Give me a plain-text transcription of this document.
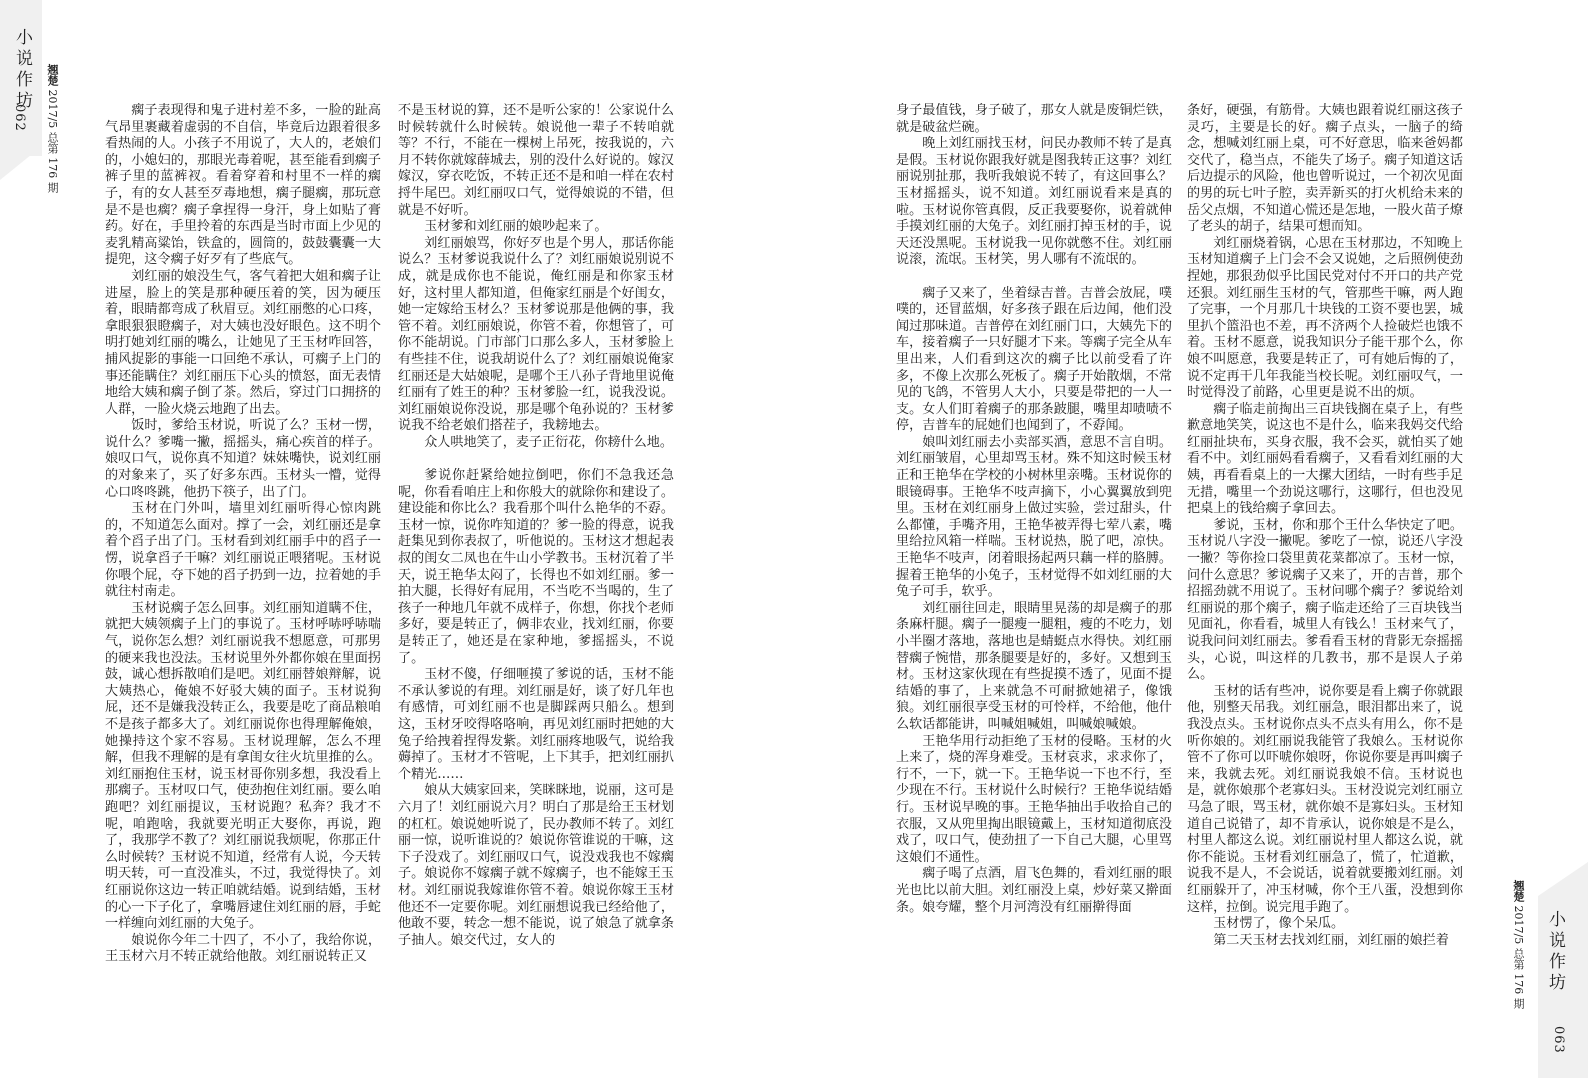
小说作坊
062
翘楚 2017/5 总第 176 期

瘸子表现得和鬼子进村差不多，一脸的趾高气昂里裹藏着虚弱的不自信，毕竟后边跟着很多看热闹的人。小孩子不用说了，大人的，老娘们的，小媳妇的，那眼光毒着呢，甚至能看到瘸子裤子里的蓝裤衩。看着穿着和村里不一样的瘸子，有的女人甚至歹毒地想，瘸子腿瘸，那玩意是不是也瘸？瘸子拿捏得一身汗，身上如贴了膏药。好在，手里拎着的东西是当时市面上少见的麦乳精高粱饴，铁盒的，圆筒的，鼓鼓囊囊一大提兜，这令瘸子好歹有了些底气。

刘红丽的娘没生气，客气着把大姐和瘸子让进屋，脸上的笑是那种硬压着的笑，因为硬压着，眼睛都弯成了秋眉豆。刘红丽憋的心口疼，拿眼狠狠瞪瘸子，对大姨也没好眼色。这不明个明打她刘红丽的嘴么，让她见了王玉材咋回答，捕风捉影的事能一口回绝不承认，可瘸子上门的事还能瞒住？刘红丽压下心头的愤怒，面无表情地给大姨和瘸子倒了茶。然后，穿过门口拥挤的人群，一脸火烧云地跑了出去。

饭时，爹给玉材说，听说了么？玉材一愣，说什么？爹嘴一撇，摇摇头，痛心疾首的样子。娘叹口气，说你真不知道？妹妹嘴快，说刘红丽的对象来了，买了好多东西。玉材头一懵，觉得心口咚咚跳，他扔下筷子，出了门。

玉材在门外叫，墙里刘红丽听得心惊肉跳的，不知道怎么面对。撑了一会，刘红丽还是拿着个舀子出了门。玉材看到刘红丽手中的舀子一愣，说拿舀子干嘛？刘红丽说正喂猪呢。玉材说你喂个屁，夺下她的舀子扔到一边，拉着她的手就往村南走。

玉材说瘸子怎么回事。刘红丽知道瞒不住，就把大姨领瘸子上门的事说了。玉材呼哧呼哧喘气，说你怎么想？刘红丽说我不想愿意，可那男的硬来我也没法。玉材说里外外都你娘在里面拐鼓，诚心想拆散咱们是吧。刘红丽替娘辩解，说大姨热心，俺娘不好驳大姨的面子。玉材说狗屁，还不是嫌我没转正么，我要是吃了商品粮咱不是孩子都多大了。刘红丽说你也得理解俺娘，她操持这个家不容易。玉材说理解，怎么不理解，但我不理解的是有拿闺女往火坑里推的么。刘红丽抱住玉材，说玉材哥你别多想，我没看上那瘸子。玉材叹口气，使劲抱住刘红丽。要么咱跑吧？刘红丽提议，玉材说跑？私奔？我才不呢，咱跑啥，我就要光明正大娶你，再说，跑了，我那学不教了？刘红丽说我烦呢，你那正什么时候转？玉材说不知道，经常有人说，今天转明天转，可一直没准头，不过，我觉得快了。刘红丽说你这边一转正咱就结婚。说到结婚，玉材的心一下子化了，拿嘴唇逮住刘红丽的唇，手蛇一样缠向刘红丽的大兔子。

娘说你今年二十四了，不小了，我给你说，王玉材六月不转正就给他散。刘红丽说转正又

不是玉材说的算，还不是听公家的！公家说什么时候转就什么时候转。娘说他一辈子不转咱就等？不行，不能在一棵树上吊死，按我说的，六月不转你就嫁薛城去，别的没什么好说的。嫁汉嫁汉，穿衣吃饭，不转正还不是和咱一样在农村捋牛尾巴。刘红丽叹口气，觉得娘说的不错，但就是不好听。

玉材爹和刘红丽的娘吵起来了。

刘红丽娘骂，你好歹也是个男人，那话你能说么？玉材爹说我说什么了？刘红丽娘说别说不成，就是成你也不能说，俺红丽是和你家玉材好，这村里人都知道，但俺家红丽是个好闺女，她一定嫁给玉材么？玉材爹说那是他俩的事，我管不着。刘红丽娘说，你管不着，你想管了，可你不能胡说。门市部门口那么多人，玉材爹脸上有些挂不住，说我胡说什么了？刘红丽娘说俺家红丽还是大姑娘呢，是哪个王八孙子背地里说俺红丽有了姓王的种？玉材爹脸一红，说我没说。刘红丽娘说你没说，那是哪个龟孙说的？玉材爹说我不给老娘们搭茬子，我耪地去。

众人哄地笑了，麦子正衍花，你耪什么地。

爹说你赶紧给她拉倒吧，你们不急我还急呢，你看看咱庄上和你般大的就除你和建设了。建设能和你比么？我看那个叫什么艳华的不孬。玉材一惊，说你咋知道的？爹一脸的得意，说我赶集见到你表叔了，听他说的。玉材这才想起表叔的闺女二凤也在牛山小学教书。玉材沉着了半天，说王艳华太闷了，长得也不如刘红丽。爹一拍大腿，长得好有屁用，不当吃不当喝的，生了孩子一种地几年就不成样子，你想，你找个老师多好，要是转正了，俩非农业，找刘红丽，你要是转正了，她还是在家种地，爹摇摇头，不说了。

玉材不傻，仔细咂摸了爹说的话，玉材不能不承认爹说的有理。刘红丽是好，谈了好几年也有感情，可刘红丽不也是脚踩两只船么。想到这，玉材牙咬得咯咯响，再见刘红丽时把她的大兔子给拽着捏得发紫。刘红丽疼地吸气，说给我薅掉了。玉材才不管呢，上下其手，把刘红丽扒个精光……

娘从大姨家回来，笑眯眯地，说丽，这可是六月了！刘红丽说六月？明白了那是给王玉材划的杠杠。娘说她听说了，民办教师不转了。刘红丽一惊，说听谁说的？娘说你管谁说的干嘛，这下子没戏了。刘红丽叹口气，说没戏我也不嫁瘸子。娘说你不嫁瘸子就不嫁瘸子，也不能嫁王玉材。刘红丽说我嫁谁你管不着。娘说你嫁王玉材他还不一定要你呢。刘红丽想说我已经给他了，他敢不要，转念一想不能说，说了娘急了就拿条子抽人。娘交代过，女人的

身子最值钱，身子破了，那女人就是废铜烂铁，就是破盆烂碗。

晚上刘红丽找玉材，问民办教师不转了是真是假。玉材说你跟我好就是图我转正这事？刘红丽说别扯那，我听我娘说不转了，有这回事么？玉材摇摇头，说不知道。刘红丽说看来是真的啦。玉材说你管真假，反正我要娶你，说着就伸手摸刘红丽的大兔子。刘红丽打掉玉材的手，说天还没黑呢。玉材说我一见你就憋不住。刘红丽说滚，流氓。玉材笑，男人哪有不流氓的。

瘸子又来了，坐着绿吉普。吉普会放屁，噗噗的，还冒蓝烟，好多孩子跟在后边闻，他们没闻过那味道。吉普停在刘红丽门口，大姨先下的车，接着瘸子一只好腿才下来。等瘸子完全从车里出来，人们看到这次的瘸子比以前受看了许多，不像上次那么死板了。瘸子开始散烟，不常见的飞鸽，不管男人大小，只要是带把的一人一支。女人们盯着瘸子的那条跛腿，嘴里却啧啧不停，吉普车的屁她们也闻到了，不孬闻。

娘叫刘红丽去小卖部买酒，意思不言自明。刘红丽皱眉，心里却骂玉材。殊不知这时候玉材正和王艳华在学校的小树林里亲嘴。玉材说你的眼镜碍事。王艳华不吱声摘下，小心翼翼放到兜里。玉材在刘红丽身上做过实验，尝过甜头，什么都懂，手嘴齐用，王艳华被弄得七荤八素，嘴里给拉风箱一样喘。玉材说热，脱了吧，凉快。王艳华不吱声，闭着眼扬起两只藕一样的胳膊。握着王艳华的小兔子，玉材觉得不如刘红丽的大兔子可手，软乎。

刘红丽往回走，眼睛里晃荡的却是瘸子的那条麻杆腿。瘸子一腿瘦一腿粗，瘦的不吃力，划小半圈才落地，落地也是蜻蜓点水得快。刘红丽替瘸子惋惜，那条腿要是好的，多好。又想到玉材。玉材这家伙现在有些捉摸不透了，见面不提结婚的事了，上来就急不可耐掀她裙子，像饿狼。刘红丽很享受玉材的可怜样，不给他，他什么软话都能讲，叫喊姐喊姐，叫喊娘喊娘。

王艳华用行动拒绝了玉材的侵略。玉材的火上来了，烧的浑身难受。玉材哀求，求求你了，行不，一下，就一下。王艳华说一下也不行，至少现在不行。玉材说什么时候行？王艳华说结婚行。玉材说早晚的事。王艳华抽出手收拾自己的衣服，又从兜里掏出眼镜戴上，玉材知道彻底没戏了，叹口气，使劲扭了一下自己大腿，心里骂这娘们不通性。

瘸子喝了点酒，眉飞色舞的，看刘红丽的眼光也比以前大胆。刘红丽没上桌，炒好菜又擀面条。娘夸耀，整个月河湾没有红丽擀得面

条好，硬强，有筋骨。大姨也跟着说红丽这孩子灵巧，主要是长的好。瘸子点头，一脑子的绮念，想喊刘红丽上桌，可不好意思，临来爸妈都交代了，稳当点，不能失了场子。瘸子知道这话后边提示的风险，他也曾听说过，一个初次见面的男的玩七叶子腔，卖弄新买的打火机给未来的岳父点烟，不知道心慌还是怎地，一股火苗子燎了老头的胡子，结果可想而知。

刘红丽烧着锅，心思在玉材那边，不知晚上玉材知道瘸子上门会不会又说她，之后照例使劲捏她，那狠劲似乎比国民党对付不开口的共产党还狠。刘红丽生玉材的气，管那些干嘛，两人跑了完事，一个月那几十块钱的工资不要也罢，城里扒个篮沿也不差，再不济两个人捡破烂也饿不着。玉材不愿意，说我知识分子能干那个么，你娘不叫愿意，我要是转正了，可有她后悔的了，说不定再干几年我能当校长呢。刘红丽叹气，一时觉得没了前路，心里更是说不出的烦。

瘸子临走前掏出三百块钱搁在桌子上，有些歉意地笑笑，说这也不是什么，临来我妈交代给红丽扯块布，买身衣服，我不会买，就怕买了她看不中。刘红丽妈看看瘸子，又看看刘红丽的大姨，再看看桌上的一大摞大团结，一时有些手足无措，嘴里一个劲说这哪行，这哪行，但也没见把桌上的钱给瘸子拿回去。

爹说，玉材，你和那个王什么华快定了吧。玉材说八字没一撇呢。爹吃了一惊，说还八字没一撇？等你捡口袋里黄花菜都凉了。玉材一惊，问什么意思？爹说瘸子又来了，开的吉普，那个招摇劲就不用说了。玉材问哪个瘸子？爹说给刘红丽说的那个瘸子，瘸子临走还给了三百块钱当见面礼，你看看，城里人有钱么！玉材来气了，说我问问刘红丽去。爹看看玉材的背影无奈摇摇头，心说，叫这样的几教书，那不是误人子弟么。

玉材的话有些冲，说你要是看上瘸子你就跟他，别整天吊我。刘红丽急，眼泪都出来了，说我没点头。玉材说你点头不点头有用么，你不是听你娘的。刘红丽说我能管了我娘么。玉材说你管不了你可以吓唬你娘呀，你说你要是再叫瘸子来，我就去死。刘红丽说我娘不信。玉材说也是，就你娘那个老寡妇头。玉材没说完刘红丽立马急了眼，骂玉材，就你娘不是寡妇头。玉材知道自己说错了，却不肯承认，说你娘是不是么，村里人都这么说。刘红丽说村里人都这么说，就你不能说。玉材看刘红丽急了，慌了，忙道歉，说我不是人，不会说话，说着就要搬刘红丽。刘红丽躲开了，冲玉材喊，你个王八蛋，没想到你这样，拉倒。说完甩手跑了。

玉材愣了，像个呆瓜。

第二天玉材去找刘红丽，刘红丽的娘拦着

翘楚 2017/5 总第 176 期 小说作坊
063
